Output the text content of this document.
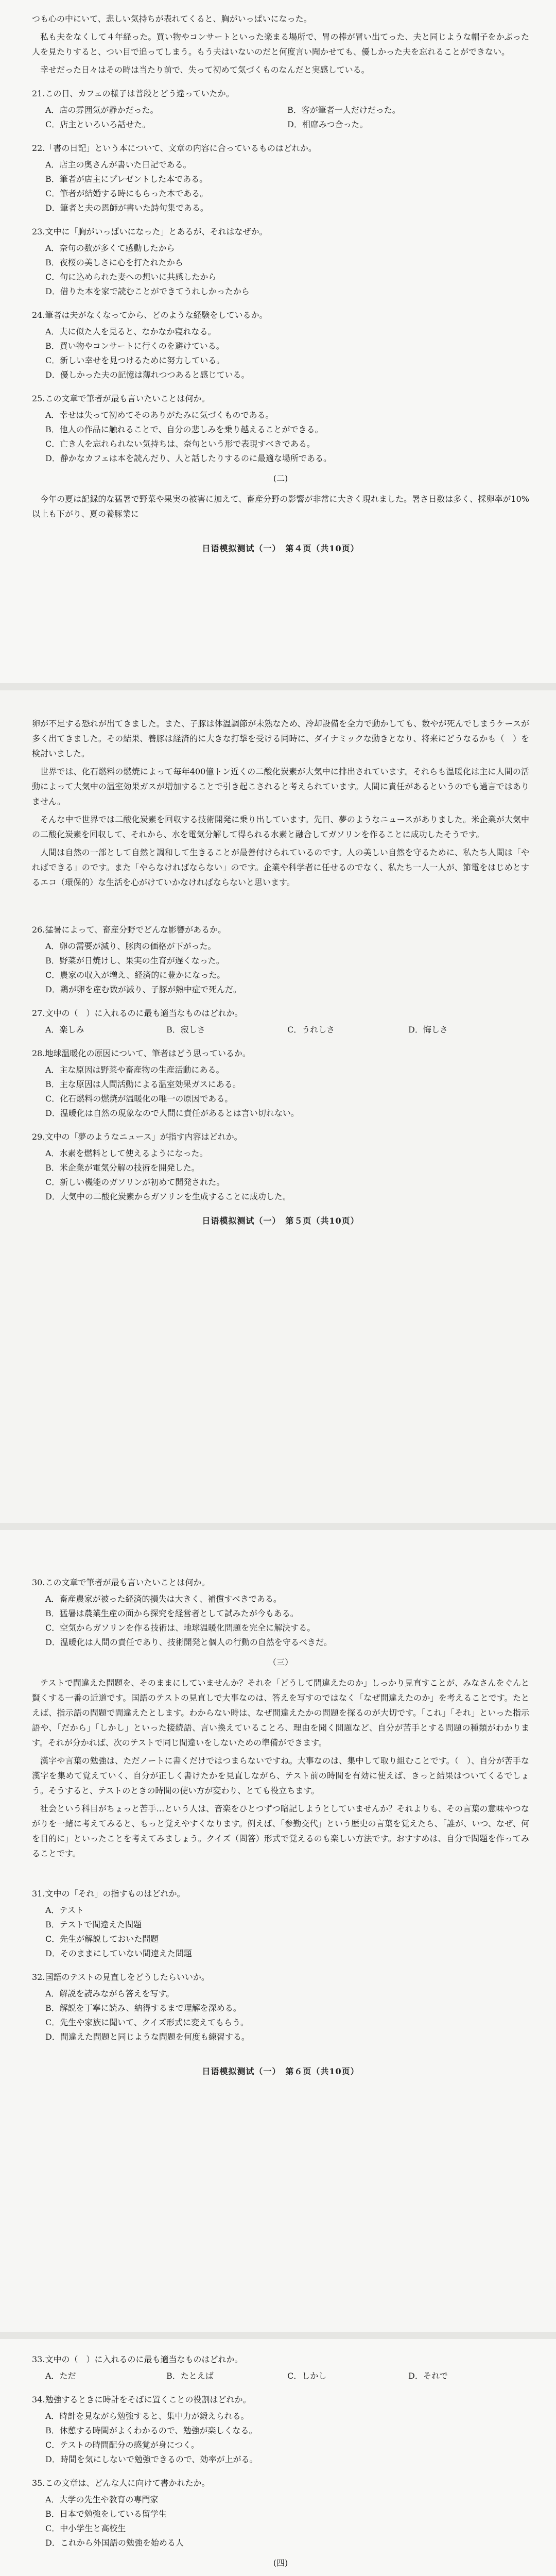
つも心の中にいて、悲しい気持ちが表れてくると、胸がいっぱいになった。

私も夫をなくして４年経った。買い物やコンサートといった楽まる場所で、胃の棒が冒い出てった、夫と同じような帽子をかぶった人を見たりすると、つい目で追ってしまう。もう夫はいないのだと何度言い聞かせても、優しかった夫を忘れることができない。

幸せだった日々はその時は当たり前で、失って初めて気づくものなんだと実感している。

21.この日、カフェの様子は普段とどう違っていたか。
A．店の雰囲気が静かだった。	B．客が筆者一人だけだった。
C．店主といろいろ話せた。	D．相席みつ合った。
22.「書の日記」という本について、文章の内容に合っているものはどれか。
A．店主の奥さんが書いた日記である。
B．筆者が店主にプレゼントした本である。
C．筆者が結婚する時にもらった本である。
D．筆者と夫の恩師が書いた詩句集である。
23.文中に「胸がいっぱいになった」とあるが、それはなぜか。
A．奈句の数が多くて感動したから
B．夜桜の美しさに心を打たれたから
C．句に込められた妻への想いに共感したから
D．借りた本を家で読むことができてうれしかったから
24.筆者は夫がなくなってから、どのような経験をしているか。
A．夫に似た人を見ると、なかなか寝れなる。
B．買い物やコンサートに行くのを避けている。
C．新しい幸せを見つけるために努力している。
D．優しかった夫の記憶は薄れつつあると感じている。
25.この文章で筆者が最も言いたいことは何か。
A．幸せは失って初めてそのありがたみに気づくものである。
B．他人の作品に触れることで、自分の悲しみを乗り越えることができる。
C．亡き人を忘れられない気持ちは、奈句という形で表現すべきである。
D．静かなカフェは本を読んだり、人と話したりするのに最適な場所である。
(二)

今年の夏は記録的な猛暑で野菜や果実の被害に加えて、畜産分野の影響が非常に大きく現れました。暑さ日数は多く、採卵率が10%以上も下がり、夏の養豚業に

日语模拟测试（一）　第４页（共10页）

卵が不足する恐れが出てきました。また、子豚は体温調節が未熟なため、冷却設備を全力で動かしても、数やが死んでしまうケースが多く出てきました。その結果、養豚は経済的に大きな打撃を受ける同時に、ダイナミックな動きとなり、将来にどうなるかも（　）を検討いました。

世界では、化石燃料の燃焼によって毎年400億トン近くの二酸化炭素が大気中に排出されています。それらも温暖化は主に人間の活動によって大気中の温室効果ガスが増加することで引き起こされると考えられています。人間に責任があるというのでも過言ではありません。

そんな中で世界では二酸化炭素を回収する技術開発に乗り出しています。先日、夢のようなニュースがありました。米企業が大気中の二酸化炭素を回収して、それから、水を電気分解して得られる水素と融合してガソリンを作ることに成功したそうです。

人間は自然の一部として自然と調和して生きることが最善付けられているのです。人の美しい自然を守るために、私たち人間は「やればできる」のです。また「やらなければならない」のです。企業や科学者に任せるのでなく、私たち一人一人が、節電をはじめとするエコ（環保的）な生活を心がけていかなければならないと思います。

26.猛暑によって、畜産分野でどんな影響があるか。
A．卵の需要が減り、豚肉の価格が下がった。
B．野菜が日焼けし、果実の生育が遅くなった。
C．農家の収入が増え、経済的に豊かになった。
D．鶏が卵を産む数が減り、子豚が熱中症で死んだ。
27.文中の（　）に入れるのに最も適当なものはどれか。
A．楽しみ	B．寂しさ	C．うれしさ	D．悔しさ
28.地球温暖化の原因について、筆者はどう思っているか。
A．主な原因は野菜や畜産物の生産活動にある。
B．主な原因は人間活動による温室効果ガスにある。
C．化石燃料の燃焼が温暖化の唯一の原因である。
D．温暖化は自然の現象なので人間に責任があるとは言い切れない。
29.文中の「夢のようなニュース」が指す内容はどれか。
A．水素を燃料として使えるようになった。
B．米企業が電気分解の技術を開発した。
C．新しい機能のガソリンが初めて開発された。
D．大気中の二酸化炭素からガソリンを生成することに成功した。
日语模拟测试（一）　第５页（共10页）
30.この文章で筆者が最も言いたいことは何か。
A．畜産農家が被った経済的損失は大きく、補償すべきである。
B．猛暑は農業生産の面から探究を経営者として試みたが今もある。
C．空気からガソリンを作る技術は、地球温暖化問題を完全に解決する。
D．温暖化は人間の責任であり、技術開発と個人の行動の自然を守るべきだ。
（三）

テストで間違えた問題を、そのままにしていませんか？それを「どうして間違えたのか」しっかり見直すことが、みなさんをぐんと賢くする一番の近道です。国語のテストの見直しで大事なのは、答えを写すのではなく「なぜ間違えたのか」を考えることです。たとえば、指示語の問題で間違えたとします。わからない時は、なぜ間違えたかの問題を探るのが大切です。「これ」「それ」といった指示語や、「だから」「しかし」といった接続語、言い換えていることろ、理由を聞く問題など、自分が苦手とする問題の種類がわかります。それが分かれば、次のテストで同じ間違いをしないための準備ができます。

漢字や言葉の勉強は、ただノートに書くだけではつまらないですね。大事なのは、集中して取り組むことです。（　）、自分が苦手な漢字を集めて覚えていく、自分が正しく書けたかを見直しながら、テスト前の時間を有効に使えば、きっと結果はついてくるでしょう。そうすると、テストのときの時間の使い方が変わり、とても役立ちます。

社会という科目がちょっと苦手…という人は、音楽をひとつずつ暗記しようとしていませんか？それよりも、その言葉の意味やつながりを一緒に考えてみると、もっと覚えやすくなります。例えば、「参勤交代」という歴史の言葉を覚えたら、「誰が、いつ、なぜ、何を目的に」といったことを考えてみましょう。クイズ（問答）形式で覚えるのも楽しい方法です。おすすめは、自分で問題を作ってみることです。

31.文中の「それ」の指すものはどれか。
A．テスト
B．テストで間違えた問題
C．先生が解説しておいた問題
D．そのままにしていない間違えた問題
32.国語のテストの見直しをどうしたらいいか。
A．解説を読みながら答えを写す。
B．解説を丁寧に読み、納得するまで理解を深める。
C．先生や家族に聞いて、クイズ形式に変えてもらう。
D．間違えた問題と同じような問題を何度も練習する。
日语模拟测试（一）　第６页（共10页）
33.文中の（　）に入れるのに最も適当なものはどれか。
A．ただ	B．たとえば	C．しかし	D．それで
34.勉強するときに時計をそばに置くことの役割はどれか。
A．時計を見ながら勉強すると、集中力が鍛えられる。
B．休憩する時間がよくわかるので、勉強が楽しくなる。
C．テストの時間配分の感覚が身につく。
D．時間を気にしないで勉強できるので、効率が上がる。
35.この文章は、どんな人に向けて書かれたか。
A．大学の先生や教育の専門家
B．日本で勉強をしている留学生
C．中小学生と高校生
D．これから外国語の勉強を始める人
(四)
